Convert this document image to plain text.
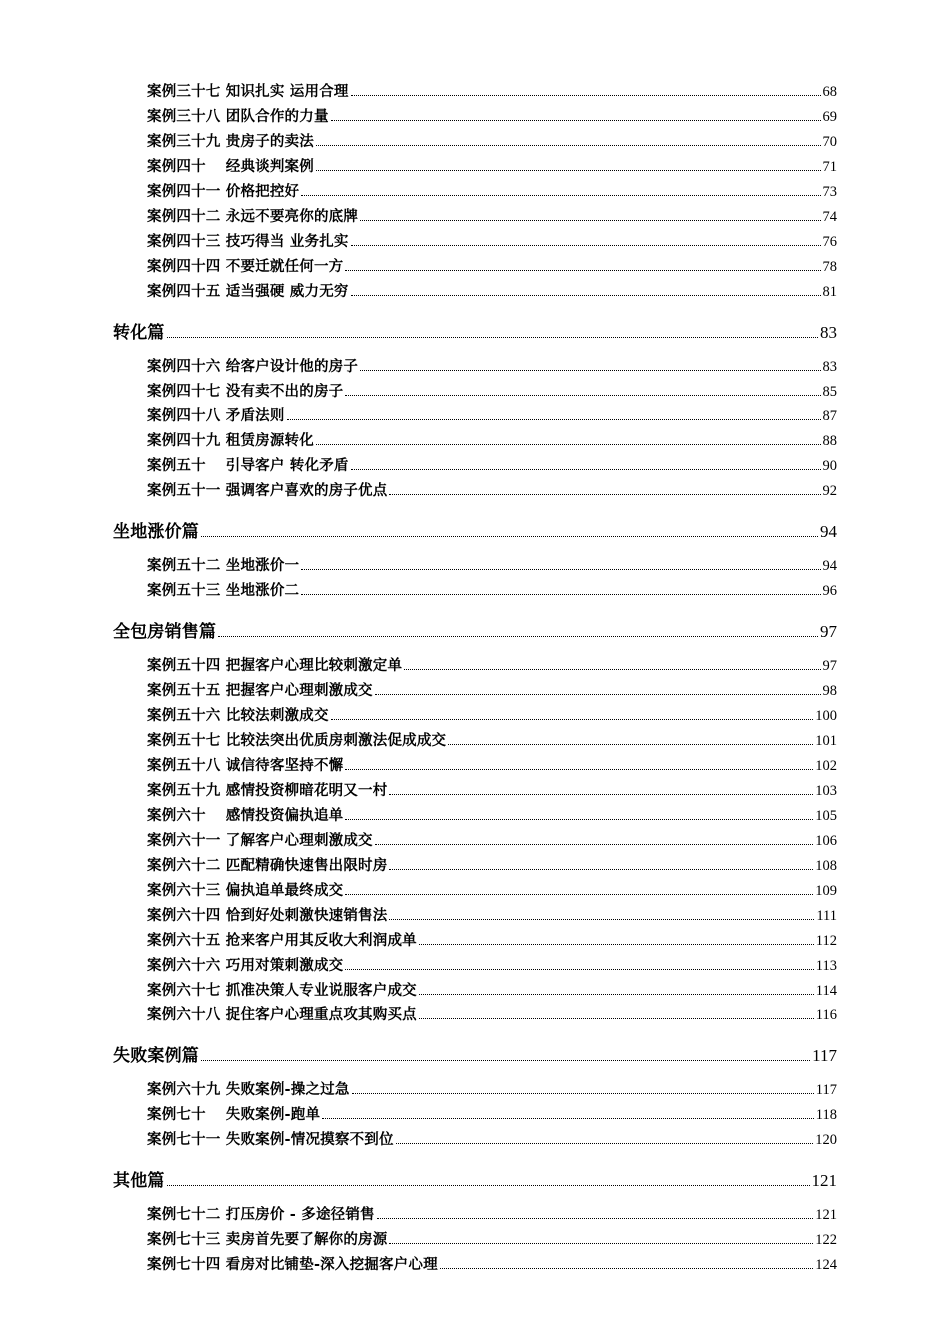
案例三十七 知识扎实 运用合理	68
案例三十八 团队合作的力量	69
案例三十九 贵房子的卖法	70
案例四十　 经典谈判案例	71
案例四十一 价格把控好	73
案例四十二 永远不要亮你的底牌	74
案例四十三 技巧得当 业务扎实	76
案例四十四 不要迁就任何一方	78
案例四十五 适当强硬 威力无穷	81
转化篇	83
案例四十六 给客户设计他的房子	83
案例四十七 没有卖不出的房子	85
案例四十八 矛盾法则	87
案例四十九 租赁房源转化	88
案例五十　 引导客户 转化矛盾	90
案例五十一 强调客户喜欢的房子优点	92
坐地涨价篇	94
案例五十二 坐地涨价一	94
案例五十三 坐地涨价二	96
全包房销售篇	97
案例五十四 把握客户心理比较刺激定单	97
案例五十五 把握客户心理刺激成交	98
案例五十六 比较法刺激成交	100
案例五十七 比较法突出优质房刺激法促成成交	101
案例五十八 诚信待客坚持不懈	102
案例五十九 感情投资柳暗花明又一村	103
案例六十　 感情投资偏执追单	105
案例六十一 了解客户心理刺激成交	106
案例六十二 匹配精确快速售出限时房	108
案例六十三 偏执追单最终成交	109
案例六十四 恰到好处刺激快速销售法	111
案例六十五 抢来客户用其反收大利润成单	112
案例六十六 巧用对策刺激成交	113
案例六十七 抓准决策人专业说服客户成交	114
案例六十八 捉住客户心理重点攻其购买点	116
失败案例篇	117
案例六十九 失败案例-操之过急	117
案例七十　 失败案例-跑单	118
案例七十一 失败案例-情况摸察不到位	120
其他篇	121
案例七十二 打压房价 - 多途径销售	121
案例七十三 卖房首先要了解你的房源	122
案例七十四 看房对比铺垫-深入挖掘客户心理	124
